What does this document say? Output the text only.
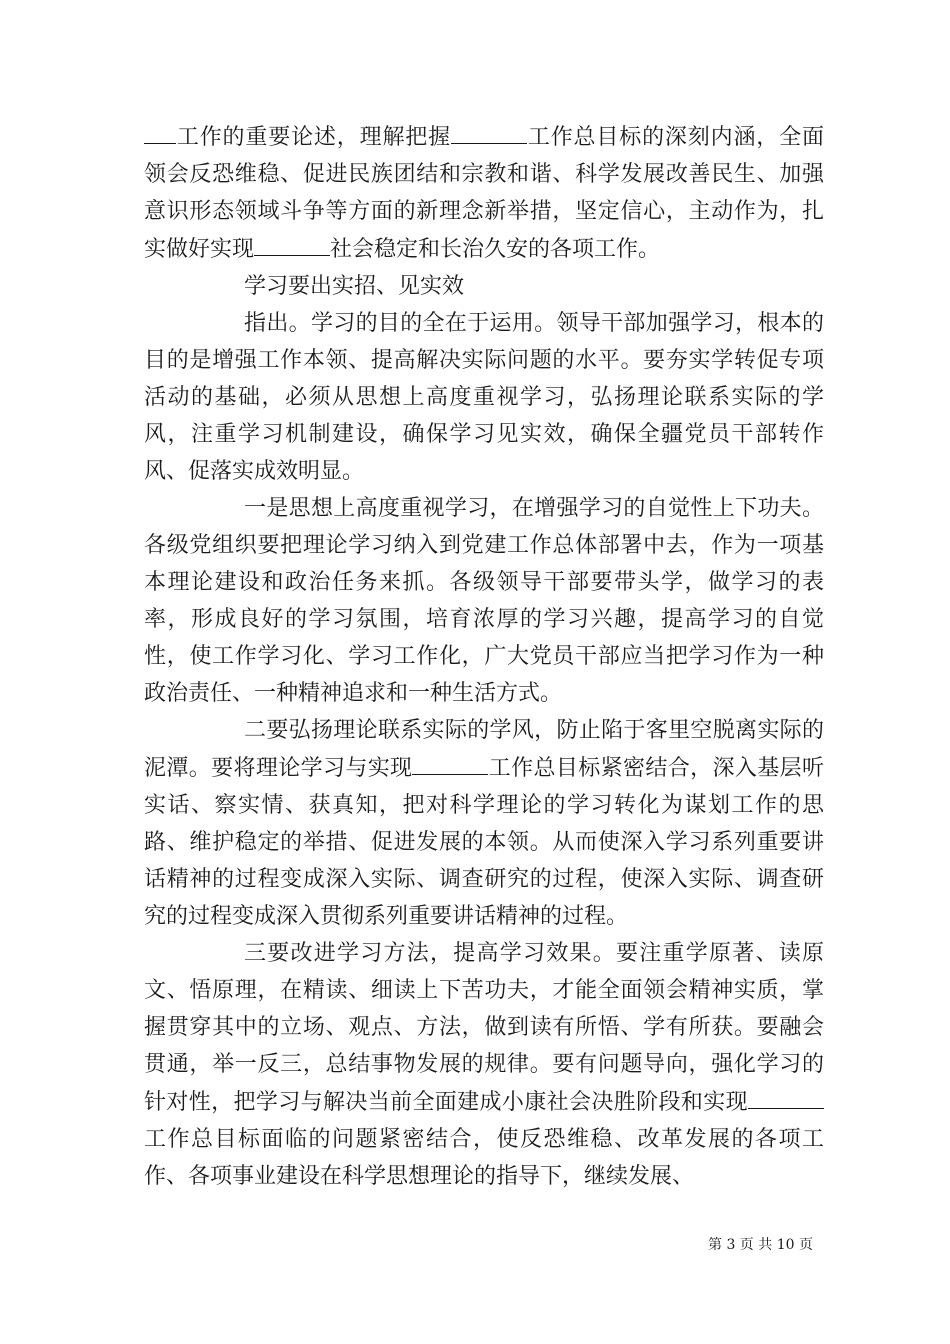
工作的重要论述，理解把握	工作总目标的深刻内涵，全面领会反恐维稳、促进民族团结和宗教和谐、科学发展改善民生、加强意识形态领域斗争等方面的新理念新举措，坚定信心，主动作为，扎实做好实现	社会稳定和长治久安的各项工作。

学习要出实招、见实效

指出。学习的目的全在于运用。领导干部加强学习，根本的目的是增强工作本领、提高解决实际问题的水平。要夯实学转促专项活动的基础，必须从思想上高度重视学习，弘扬理论联系实际的学风，注重学习机制建设，确保学习见实效，确保全疆党员干部转作风、促落实成效明显。

一是思想上高度重视学习，在增强学习的自觉性上下功夫。各级党组织要把理论学习纳入到党建工作总体部署中去，作为一项基本理论建设和政治任务来抓。各级领导干部要带头学，做学习的表率，形成良好的学习氛围，培育浓厚的学习兴趣，提高学习的自觉性，使工作学习化、学习工作化，广大党员干部应当把学习作为一种政治责任、一种精神追求和一种生活方式。

二要弘扬理论联系实际的学风，防止陷于客里空脱离实际的泥潭。要将理论学习与实现	工作总目标紧密结合，深入基层听实话、察实情、获真知，把对科学理论的学习转化为谋划工作的思路、维护稳定的举措、促进发展的本领。从而使深入学习系列重要讲话精神的过程变成深入实际、调查研究的过程，使深入实际、调查研究的过程变成深入贯彻系列重要讲话精神的过程。

三要改进学习方法，提高学习效果。要注重学原著、读原文、悟原理，在精读、细读上下苦功夫，才能全面领会精神实质，掌握贯穿其中的立场、观点、方法，做到读有所悟、学有所获。要融会贯通，举一反三，总结事物发展的规律。要有问题导向，强化学习的针对性，把学习与解决当前全面建成小康社会决胜阶段和实现工作总目标面临的问题紧密结合，使反恐维稳、改革发展的各项工作、各项事业建设在科学思想理论的指导下，继续发展、

第 3 页 共 10 页
